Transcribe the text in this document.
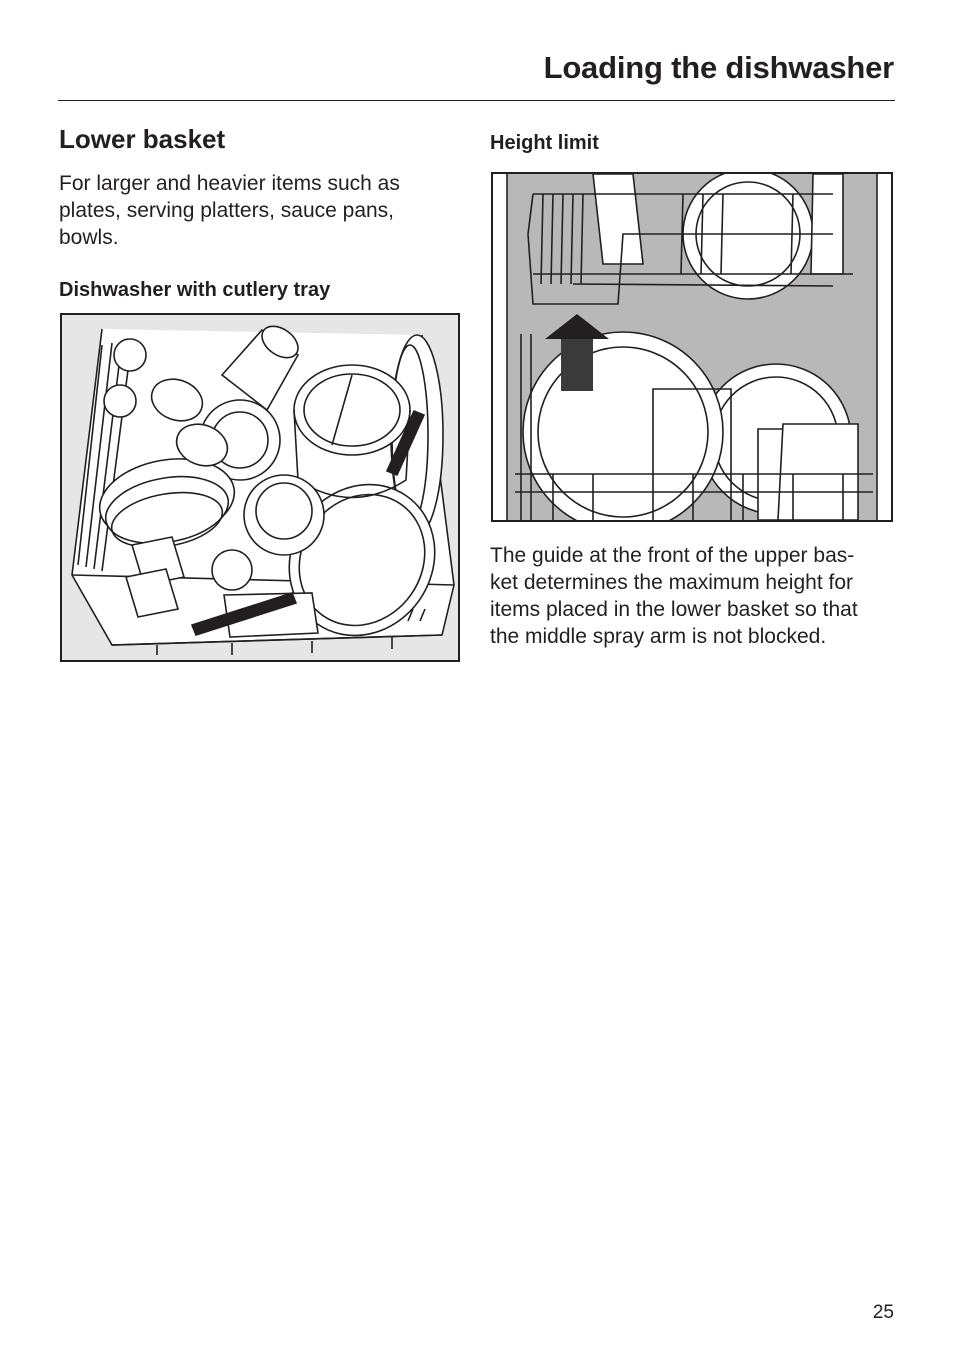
Loading the dishwasher
Lower basket

For larger and heavier items such as
plates, serving platters, sauce pans,
bowls.

Dishwasher with cutlery tray
Height limit

The guide at the front of the upper bas-
ket determines the maximum height for
items placed in the lower basket so that
the middle spray arm is not blocked.

25
